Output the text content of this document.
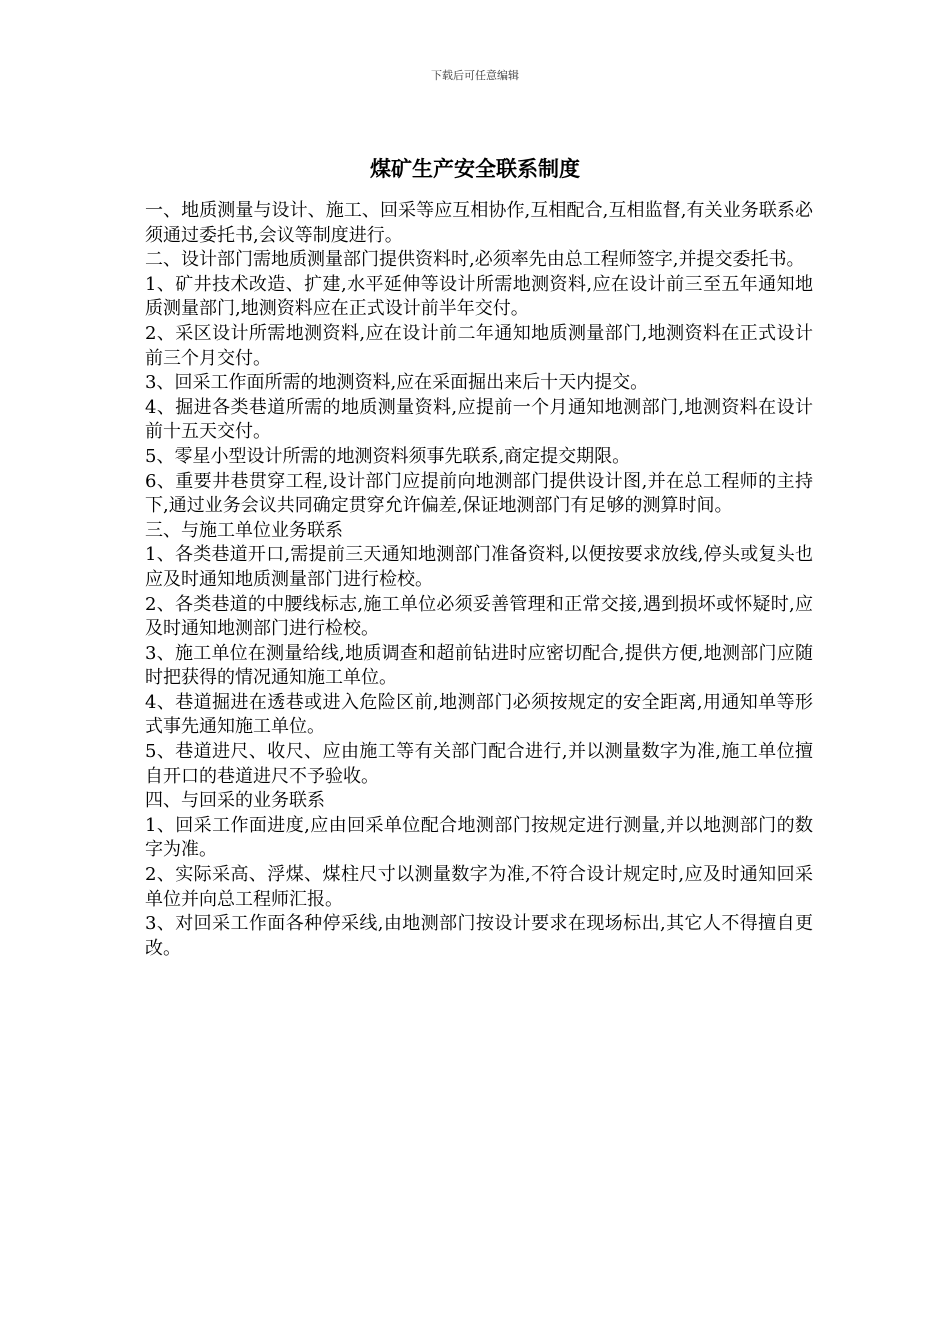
下载后可任意编辑
煤矿生产安全联系制度

一、地质测量与设计、施工、回采等应互相协作,互相配合,互相监督,有关业务联系必须通过委托书,会议等制度进行。

二、设计部门需地质测量部门提供资料时,必须率先由总工程师签字,并提交委托书。

1、矿井技术改造、扩建,水平延伸等设计所需地测资料,应在设计前三至五年通知地质测量部门,地测资料应在正式设计前半年交付。

2、采区设计所需地测资料,应在设计前二年通知地质测量部门,地测资料在正式设计前三个月交付。

3、回采工作面所需的地测资料,应在采面掘出来后十天内提交。

4、掘进各类巷道所需的地质测量资料,应提前一个月通知地测部门,地测资料在设计前十五天交付。

5、零星小型设计所需的地测资料须事先联系,商定提交期限。

6、重要井巷贯穿工程,设计部门应提前向地测部门提供设计图,并在总工程师的主持下,通过业务会议共同确定贯穿允许偏差,保证地测部门有足够的测算时间。

三、与施工单位业务联系

1、各类巷道开口,需提前三天通知地测部门准备资料,以便按要求放线,停头或复头也应及时通知地质测量部门进行检校。

2、各类巷道的中腰线标志,施工单位必须妥善管理和正常交接,遇到损坏或怀疑时,应及时通知地测部门进行检校。

3、施工单位在测量给线,地质调查和超前钻进时应密切配合,提供方便,地测部门应随时把获得的情况通知施工单位。

4、巷道掘进在透巷或进入危险区前,地测部门必须按规定的安全距离,用通知单等形式事先通知施工单位。

5、巷道进尺、收尺、应由施工等有关部门配合进行,并以测量数字为准,施工单位擅自开口的巷道进尺不予验收。

四、与回采的业务联系

1、回采工作面进度,应由回采单位配合地测部门按规定进行测量,并以地测部门的数字为准。

2、实际采高、浮煤、煤柱尺寸以测量数字为准,不符合设计规定时,应及时通知回采单位并向总工程师汇报。

3、对回采工作面各种停采线,由地测部门按设计要求在现场标出,其它人不得擅自更改。
